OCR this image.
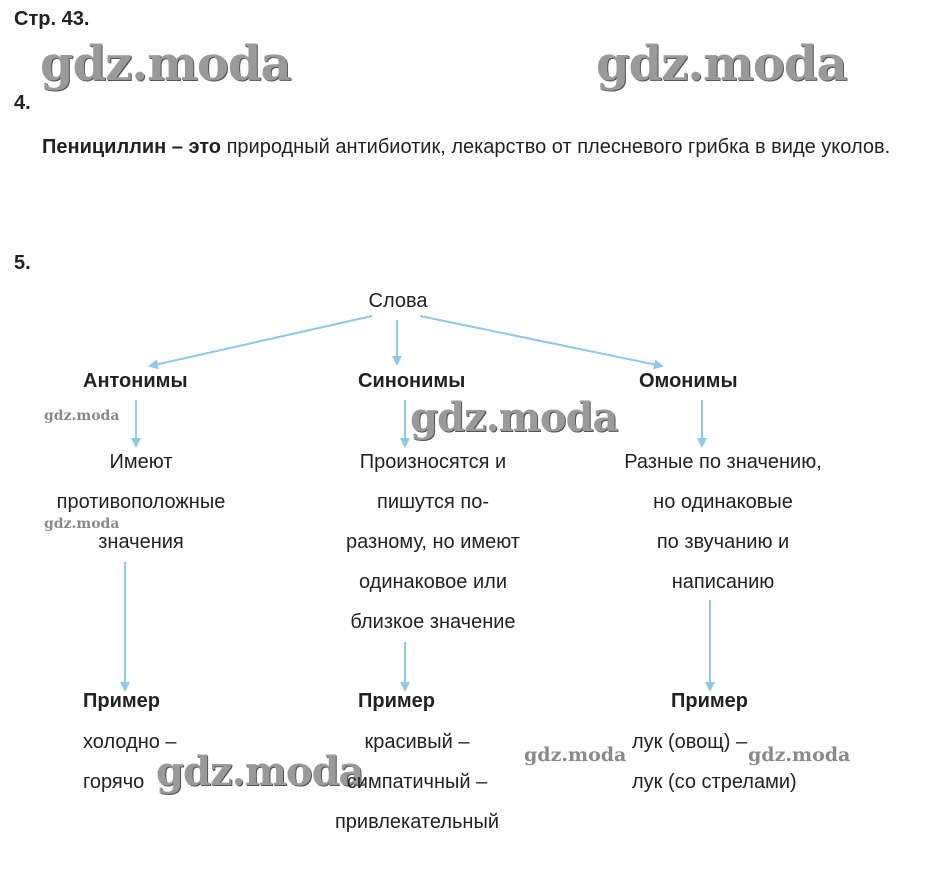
Стр. 43.
gdz.moda	gdz.moda
gdz.moda
gdz.moda
gdz.moda
gdz.moda
gdz.moda	gdz.moda
4.
Пенициллин – это природный антибиотик, лекарство от плесневого грибка в виде уколов.
5.
Слова
Антонимы	Синонимы	Омонимы
Имеют
противоположные
значения
Произносятся и
пишутся по-
разному, но имеют
одинаковое или
близкое значение
Разные по значению,
но одинаковые
по звучанию и
написанию
Пример	Пример	Пример
холодно –
горячо
красивый –
симпатичный –
привлекательный
лук (овощ) –
лук (со стрелами)
